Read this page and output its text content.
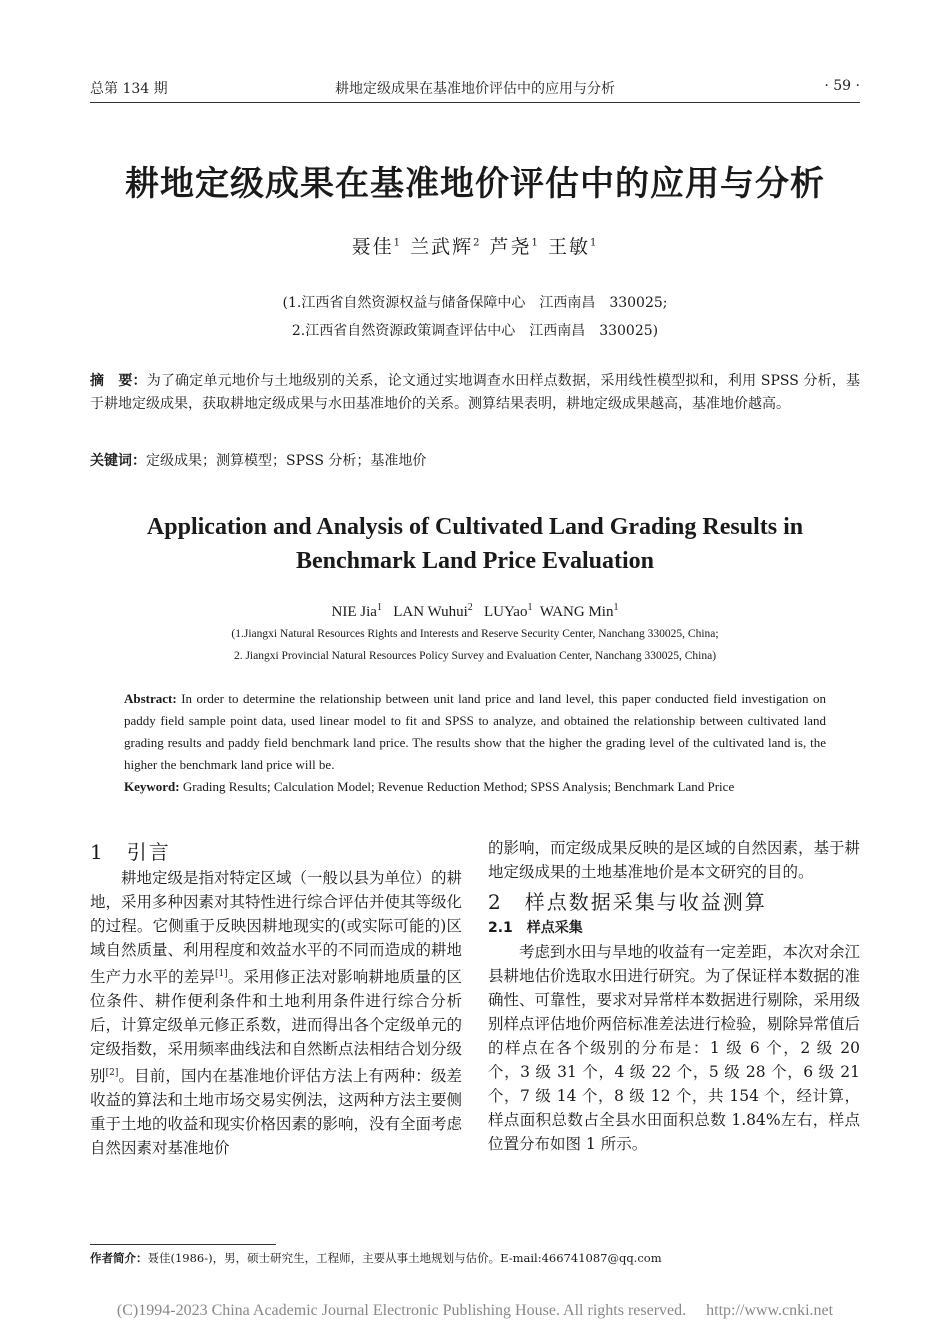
总第 134 期	耕地定级成果在基准地价评估中的应用与分析	· 59 ·
耕地定级成果在基准地价评估中的应用与分析
聂佳$^1$ 兰武辉$^2$ 芦尧$^1$ 王敏$^1$
(1.江西省自然资源权益与储备保障中心　江西南昌　330025;
2.江西省自然资源政策调查评估中心　江西南昌　330025)
摘　要：为了确定单元地价与土地级别的关系，论文通过实地调查水田样点数据，采用线性模型拟和，利用 SPSS 分析，基于耕地定级成果，获取耕地定级成果与水田基准地价的关系。测算结果表明，耕地定级成果越高，基准地价越高。
关键词：定级成果；测算模型；SPSS 分析；基准地价
Application and Analysis of Cultivated Land Grading Results in
Benchmark Land Price Evaluation
NIE Jia$^1$ LAN Wuhui$^2$ LUYao$^1$ WANG Min$^1$
(1.Jiangxi Natural Resources Rights and Interests and Reserve Security Center, Nanchang 330025, China;
2. Jiangxi Provincial Natural Resources Policy Survey and Evaluation Center, Nanchang 330025, China)
Abstract: In order to determine the relationship between unit land price and land level, this paper conducted field investigation on paddy field sample point data, used linear model to fit and SPSS to analyze, and obtained the relationship between cultivated land grading results and paddy field benchmark land price. The results show that the higher the grading level of the cultivated land is, the higher the benchmark land price will be.
Keyword: Grading Results; Calculation Model; Revenue Reduction Method; SPSS Analysis; Benchmark Land Price
1　引言

耕地定级是指对特定区域（一般以县为单位）的耕地，采用多种因素对其特性进行综合评估并使其等级化的过程。它侧重于反映因耕地现实的(或实际可能的)区域自然质量、利用程度和效益水平的不同而造成的耕地生产力水平的差异[1]。采用修正法对影响耕地质量的区位条件、耕作便利条件和土地利用条件进行综合分析后，计算定级单元修正系数，进而得出各个定级单元的定级指数，采用频率曲线法和自然断点法相结合划分级别[2]。目前，国内在基准地价评估方法上有两种：级差收益的算法和土地市场交易实例法，这两种方法主要侧重于土地的收益和现实价格因素的影响，没有全面考虑自然因素对基准地价

的影响，而定级成果反映的是区域的自然因素，基于耕地定级成果的土地基准地价是本文研究的目的。

2　样点数据采集与收益测算
2.1　样点采集

考虑到水田与旱地的收益有一定差距，本次对余江县耕地估价选取水田进行研究。为了保证样本数据的准确性、可靠性，要求对异常样本数据进行剔除，采用级别样点评估地价两倍标准差法进行检验，剔除异常值后的样点在各个级别的分布是：1 级 6 个，2 级 20 个，3 级 31 个，4 级 22 个，5 级 28 个，6 级 21 个，7 级 14 个，8 级 12 个，共 154 个，经计算，样点面积总数占全县水田面积总数 1.84%左右，样点位置分布如图 1 所示。

作者简介：聂佳(1986-)，男，硕士研究生，工程师，主要从事土地规划与估价。E-mail:466741087@qq.com
(C)1994-2023 China Academic Journal Electronic Publishing House. All rights reserved.　 http://www.cnki.net
